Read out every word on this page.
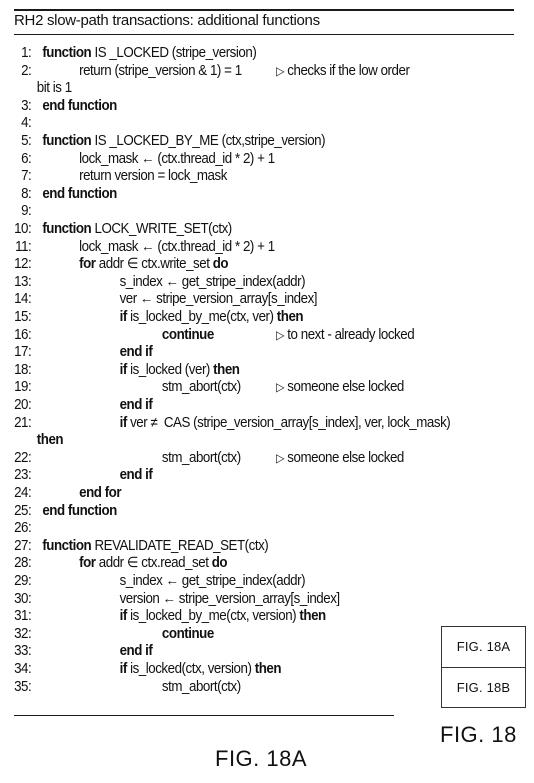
RH2 slow-path transactions: additional functions
1: function IS _LOCKED (stripe_version)
2:	return (stripe_version & 1) = 1	▷ checks if the low order
bit is 1
3: end function
4:
5: function IS _LOCKED_BY_ME (ctx,stripe_version)
6:	lock_mask ← (ctx.thread_id * 2) + 1
7:	return version = lock_mask
8: end function
9:
10: function LOCK_WRITE_SET(ctx)
11:	lock_mask ← (ctx.thread_id * 2) + 1
12:	for addr ∈ ctx.write_set do
13:	s_index ← get_stripe_index(addr)
14:	ver ← stripe_version_array[s_index]
15:	if is_locked_by_me(ctx, ver) then
16:	continue	▷ to next - already locked
17:	end if
18:	if is_locked (ver) then
19:	stm_abort(ctx)	▷ someone else locked
20:	end if
21:	if ver ≠  CAS (stripe_version_array[s_index], ver, lock_mask)
then
22:	stm_abort(ctx)	▷ someone else locked
23:	end if
24:	end for
25: end function
26:
27: function REVALIDATE_READ_SET(ctx)
28:	for addr ∈ ctx.read_set do
29:	s_index ← get_stripe_index(addr)
30:	version ← stripe_version_array[s_index]
31:	if is_locked_by_me(ctx, version) then
32:	continue
33:	end if
34:	if is_locked(ctx, version) then
35:	stm_abort(ctx)
FIG. 18A
FIG. 18B
FIG. 18
FIG. 18A
